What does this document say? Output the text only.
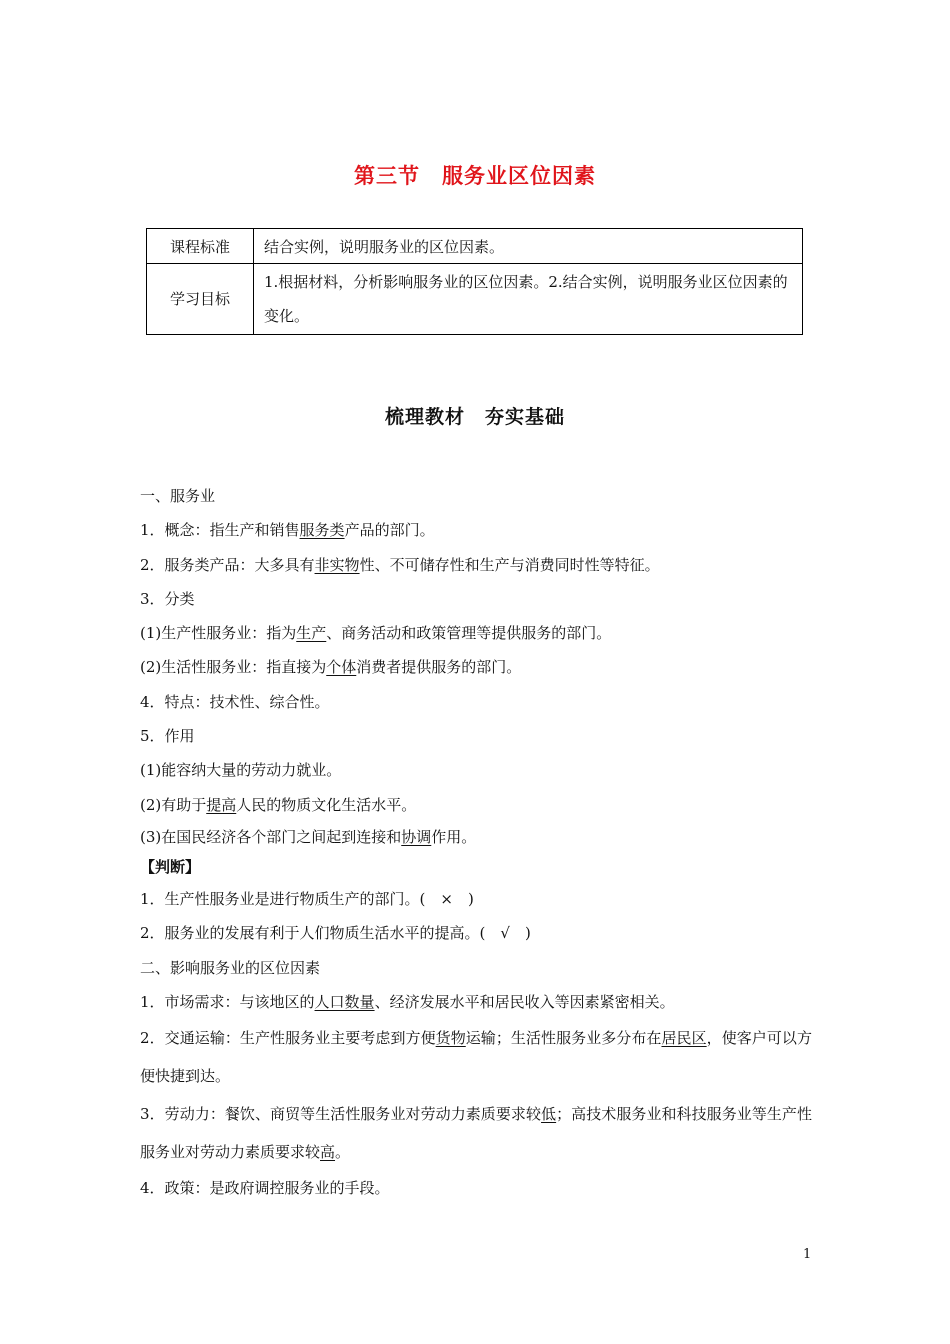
第三节　服务业区位因素
课程标准	结合实例，说明服务业的区位因素。
学习目标	1.根据材料，分析影响服务业的区位因素。2.结合实例，说明服务业区位因素的变化。
梳理教材　夯实基础
一、服务业
1．概念：指生产和销售服务类产品的部门。
2．服务类产品：大多具有非实物性、不可储存性和生产与消费同时性等特征。
3．分类
(1)生产性服务业：指为生产、商务活动和政策管理等提供服务的部门。
(2)生活性服务业：指直接为个体消费者提供服务的部门。
4．特点：技术性、综合性。
5．作用
(1)能容纳大量的劳动力就业。
(2)有助于提高人民的物质文化生活水平。
(3)在国民经济各个部门之间起到连接和协调作用。
【判断】
1．生产性服务业是进行物质生产的部门。(　×　)
2．服务业的发展有利于人们物质生活水平的提高。(　√　)
二、影响服务业的区位因素
1．市场需求：与该地区的人口数量、经济发展水平和居民收入等因素紧密相关。
2．交通运输：生产性服务业主要考虑到方便货物运输；生活性服务业多分布在居民区，使客户可以方便快捷到达。
3．劳动力：餐饮、商贸等生活性服务业对劳动力素质要求较低；高技术服务业和科技服务业等生产性服务业对劳动力素质要求较高。
4．政策：是政府调控服务业的手段。
1
